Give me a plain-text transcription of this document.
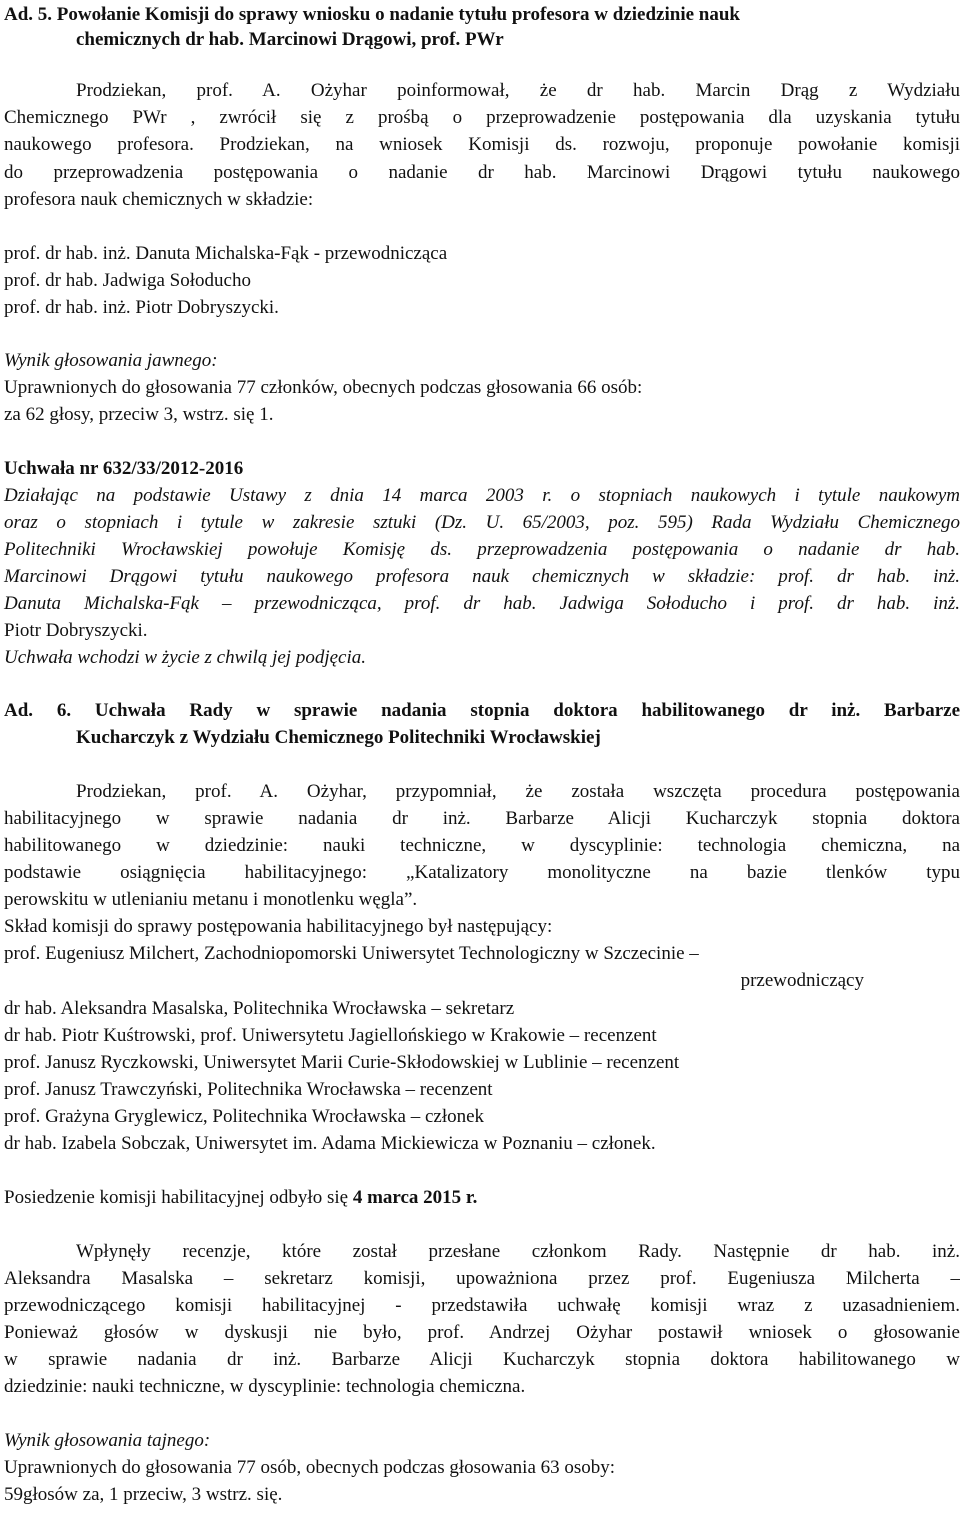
Ad. 5. Powołanie Komisji do sprawy wniosku o nadanie tytułu profesora w dziedzinie nauk
chemicznych dr hab. Marcinowi Drągowi, prof. PWr
Prodziekan, prof. A. Ożyhar poinformował, że dr hab. Marcin Drąg z Wydziału
Chemicznego PWr , zwrócił się z prośbą o przeprowadzenie postępowania dla uzyskania tytułu
naukowego profesora. Prodziekan, na wniosek Komisji ds. rozwoju, proponuje powołanie komisji
do przeprowadzenia postępowania o nadanie dr hab. Marcinowi Drągowi tytułu naukowego
profesora nauk chemicznych w składzie:
prof. dr hab. inż. Danuta Michalska-Fąk - przewodnicząca
prof. dr hab. Jadwiga Sołoducho
prof. dr hab. inż. Piotr Dobryszycki.
Wynik głosowania jawnego:
Uprawnionych do głosowania 77 członków, obecnych podczas głosowania 66 osób:
za 62 głosy, przeciw 3, wstrz. się 1.
Uchwała nr 632/33/2012-2016
Działając na podstawie Ustawy z dnia 14 marca 2003 r. o stopniach naukowych i tytule naukowym
oraz o stopniach i tytule w zakresie sztuki (Dz. U. 65/2003, poz. 595) Rada Wydziału Chemicznego
Politechniki Wrocławskiej powołuje Komisję ds. przeprowadzenia postępowania o nadanie dr hab.
Marcinowi Drągowi tytułu naukowego profesora nauk chemicznych w składzie: prof. dr hab. inż.
Danuta Michalska-Fąk – przewodnicząca, prof. dr hab. Jadwiga Sołoducho i prof. dr hab. inż.
Piotr Dobryszycki.
Uchwała wchodzi w życie z chwilą jej podjęcia.
Ad. 6. Uchwała Rady w sprawie nadania stopnia doktora habilitowanego dr inż. Barbarze
Kucharczyk z Wydziału Chemicznego Politechniki Wrocławskiej
Prodziekan, prof. A. Ożyhar, przypomniał, że została wszczęta procedura postępowania
habilitacyjnego w sprawie nadania dr inż. Barbarze Alicji Kucharczyk stopnia doktora
habilitowanego w dziedzinie: nauki techniczne, w dyscyplinie: technologia chemiczna, na
podstawie osiągnięcia habilitacyjnego: „Katalizatory monolityczne na bazie tlenków typu
perowskitu w utlenianiu metanu i monotlenku węgla”.
Skład komisji do sprawy postępowania habilitacyjnego był następujący:
prof. Eugeniusz Milchert, Zachodniopomorski Uniwersytet Technologiczny w Szczecinie –
przewodniczący
dr hab. Aleksandra Masalska, Politechnika Wrocławska – sekretarz
dr hab. Piotr Kuśtrowski, prof. Uniwersytetu Jagiellońskiego w Krakowie – recenzent
prof. Janusz Ryczkowski, Uniwersytet Marii Curie-Skłodowskiej w Lublinie – recenzent
prof. Janusz Trawczyński, Politechnika Wrocławska – recenzent
prof. Grażyna Gryglewicz, Politechnika Wrocławska – członek
dr hab. Izabela Sobczak, Uniwersytet im. Adama Mickiewicza w Poznaniu – członek.
Posiedzenie komisji habilitacyjnej odbyło się 4 marca 2015 r.
Wpłynęły recenzje, które został przesłane członkom Rady. Następnie dr hab. inż.
Aleksandra Masalska – sekretarz komisji, upoważniona przez prof. Eugeniusza Milcherta –
przewodniczącego komisji habilitacyjnej - przedstawiła uchwałę komisji wraz z uzasadnieniem.
Ponieważ głosów w dyskusji nie było, prof. Andrzej Ożyhar postawił wniosek o głosowanie
w sprawie nadania dr inż. Barbarze Alicji Kucharczyk stopnia doktora habilitowanego w
dziedzinie: nauki techniczne, w dyscyplinie: technologia chemiczna.
Wynik głosowania tajnego:
Uprawnionych do głosowania 77 osób, obecnych podczas głosowania 63 osoby:
59głosów za, 1 przeciw, 3 wstrz. się.
